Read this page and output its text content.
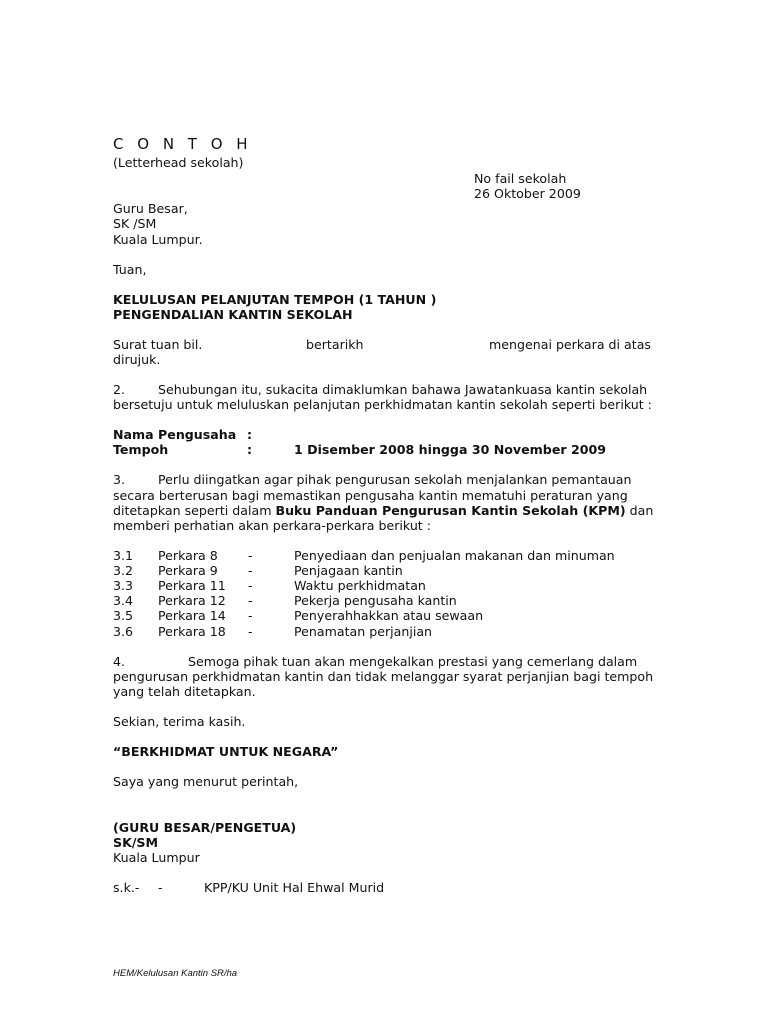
C O N T O H
(Letterhead sekolah)
No fail sekolah
26 Oktober 2009
Guru Besar,
SK /SM
Kuala Lumpur.
Tuan,
KELULUSAN PELANJUTAN TEMPOH (1 TAHUN )
PENGENDALIAN KANTIN SEKOLAH
Surat tuan bil.	bertarikh	mengenai perkara di atas
dirujuk.
2.	Sehubungan itu, sukacita dimaklumkan bahawa Jawatankuasa kantin sekolah
bersetuju untuk meluluskan pelanjutan perkhidmatan kantin sekolah seperti berikut :
Nama Pengusaha :
Tempoh	:	1 Disember 2008 hingga 30 November 2009
3.	Perlu diingatkan agar pihak pengurusan sekolah menjalankan pemantauan
secara berterusan bagi memastikan pengusaha kantin mematuhi peraturan yang
ditetapkan seperti dalam Buku Panduan Pengurusan Kantin Sekolah (KPM) dan
memberi perhatian akan perkara-perkara berikut :
3.1 Perkara 8 -	Penyediaan dan penjualan makanan dan minuman
3.2 Perkara 9 -	Penjagaan kantin
3.3 Perkara 11 -	Waktu perkhidmatan
3.4 Perkara 12 -	Pekerja pengusaha kantin
3.5 Perkara 14 -	Penyerahhakkan atau sewaan
3.6 Perkara 18 -	Penamatan perjanjian
4.	Semoga pihak tuan akan mengekalkan prestasi yang cemerlang dalam
pengurusan perkhidmatan kantin dan tidak melanggar syarat perjanjian bagi tempoh
yang telah ditetapkan.
Sekian, terima kasih.
“BERKHIDMAT UNTUK NEGARA”
Saya yang menurut perintah,
(GURU BESAR/PENGETUA)
SK/SM
Kuala Lumpur
s.k.- -	KPP/KU Unit Hal Ehwal Murid
HEM/Kelulusan Kantin SR/ha
